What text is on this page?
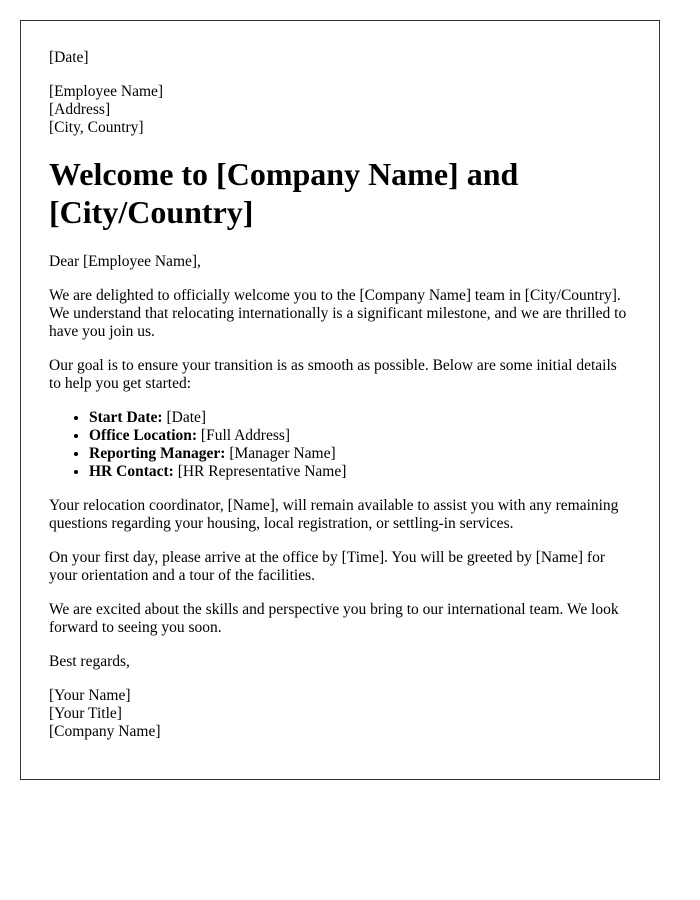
[Date]
[Employee Name]
[Address]
[City, Country]
Welcome to [Company Name] and [City/Country]

Dear [Employee Name],

We are delighted to officially welcome you to the [Company Name] team in [City/Country]. We understand that relocating internationally is a significant milestone, and we are thrilled to have you join us.

Our goal is to ensure your transition is as smooth as possible. Below are some initial details to help you get started:

• Start Date: [Date]
• Office Location: [Full Address]
• Reporting Manager: [Manager Name]
• HR Contact: [HR Representative Name]

Your relocation coordinator, [Name], will remain available to assist you with any remaining questions regarding your housing, local registration, or settling-in services.

On your first day, please arrive at the office by [Time]. You will be greeted by [Name] for your orientation and a tour of the facilities.

We are excited about the skills and perspective you bring to our international team. We look forward to seeing you soon.

Best regards,

[Your Name]
[Your Title]
[Company Name]
